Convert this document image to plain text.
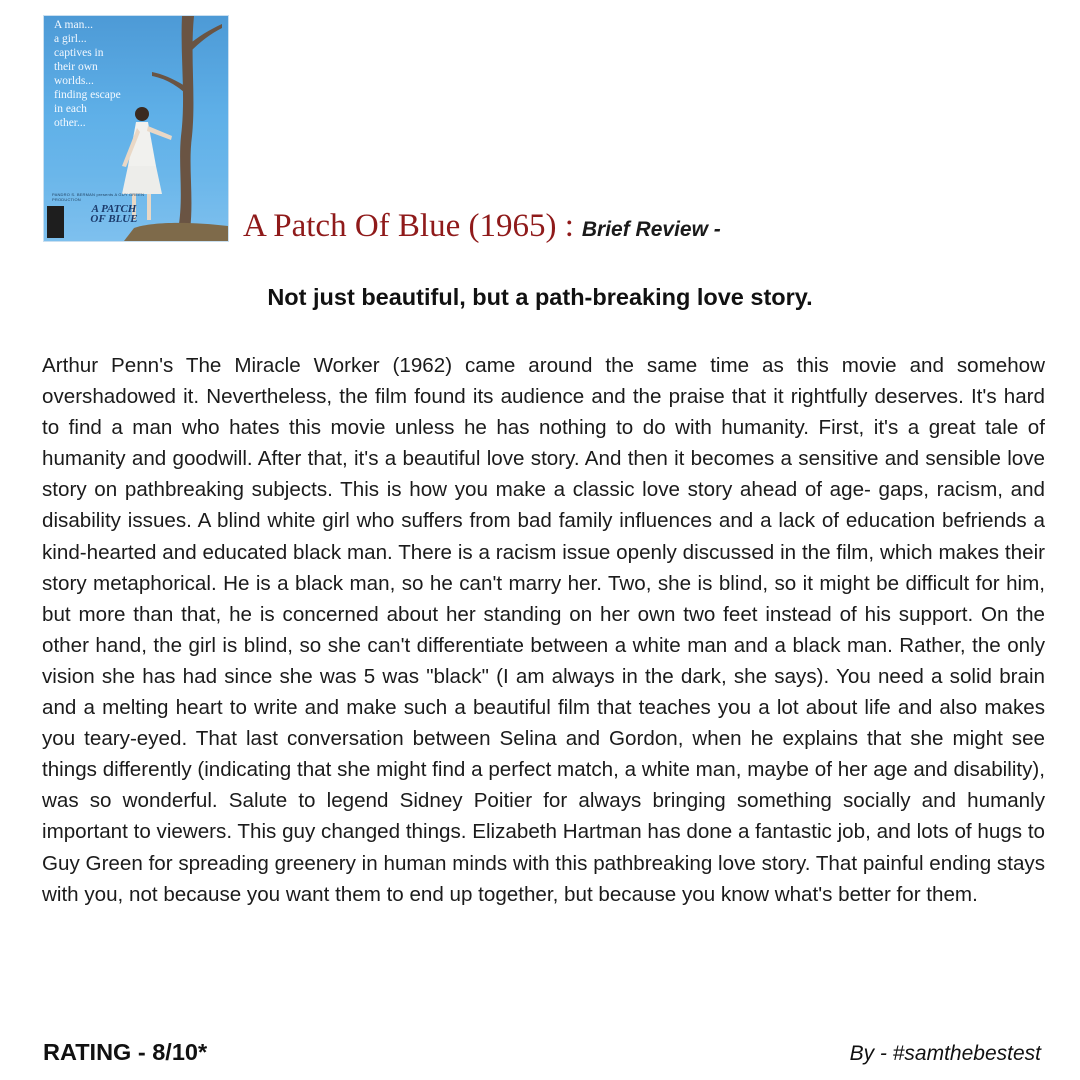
A man...
a girl...
captives in
their own
worlds...
finding escape
in each
other...
PANDRO S. BERMAN presents A GUY GREEN PRODUCTION
A PATCH OF BLUE	A Patch Of Blue (1965) : Brief Review -
Not just beautiful, but a path-breaking love story.
Arthur Penn's The Miracle Worker (1962) came around the same time as this movie and somehow overshadowed it. Nevertheless, the film found its audience and the praise that it rightfully deserves. It's hard to find a man who hates this movie unless he has nothing to do with humanity. First, it's a great tale of humanity and goodwill. After that, it's a beautiful love story. And then it becomes a sensitive and sensible love story on pathbreaking subjects. This is how you make a classic love story ahead of age- gaps, racism, and disability issues. A blind white girl who suffers from bad family influences and a lack of education befriends a kind-hearted and educated black man. There is a racism issue openly discussed in the film, which makes their story metaphorical. He is a black man, so he can't marry her. Two, she is blind, so it might be difficult for him, but more than that, he is concerned about her standing on her own two feet instead of his support. On the other hand, the girl is blind, so she can't differentiate between a white man and a black man. Rather, the only vision she has had since she was 5 was "black" (I am always in the dark, she says). You need a solid brain and a melting heart to write and make such a beautiful film that teaches you a lot about life and also makes you teary-eyed. That last conversation between Selina and Gordon, when he explains that she might see things differently (indicating that she might find a perfect match, a white man, maybe of her age and disability), was so wonderful. Salute to legend Sidney Poitier for always bringing something socially and humanly important to viewers. This guy changed things. Elizabeth Hartman has done a fantastic job, and lots of hugs to Guy Green for spreading greenery in human minds with this pathbreaking love story. That painful ending stays with you, not because you want them to end up together, but because you know what's better for them.
RATING - 8/10*	By - #samthebestest
